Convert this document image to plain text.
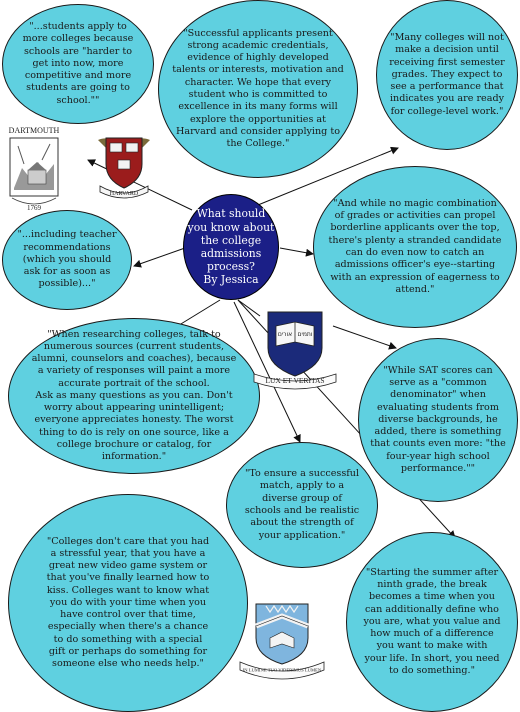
"...students apply to
more colleges because
schools are "harder to
get into now, more
competitive and more
students are going to
school.""
"Successful applicants present
strong academic credentials,
evidence of highly developed
talents or interests, motivation and
character. We hope that every
student who is committed to
excellence in its many forms will
explore the opportunities at
Harvard and consider applying to
the College."
"Many colleges will not
make a decision until
receiving first semester
grades. They expect to
see a performance that
indicates you are ready
for college-level work."
"...including teacher
recommendations
(which you should
ask for as soon as
possible)..."
What should
you know about
the college
admissions
process?
By Jessica
"And while no magic combination
of grades or activities can propel
borderline applicants over the top,
there's plenty a stranded candidate
can do even now to catch an
admissions officer's eye--starting
with an expression of eagerness to
attend."
"When researching colleges, talk to
numerous sources (current students,
alumni, counselors and coaches), because
a variety of responses will paint a more
accurate portrait of the school.
Ask as many questions as you can. Don't
worry about appearing unintelligent;
everyone appreciates honesty. The worst
thing to do is rely on one source, like a
college brochure or catalog, for
information."
"While SAT scores can
serve as a "common
denominator" when
evaluating students from
diverse backgrounds, he
added, there is something
that counts even more: "the
four-year high school
performance.""
"To ensure a successful
match, apply to a
diverse group of
schools and be realistic
about the strength of
your application."
"Colleges don't care that you had
a stressful year, that you have a
great new video game system or
that you've finally learned how to
kiss. Colleges want to know what
you do with your time when you
have control over that time,
especially when there's a chance
to do something with a special
gift or perhaps do something for
someone else who needs help."
"Starting the summer after
ninth grade, the break
becomes a time when you
can additionally define who
you are, what you value and
how much of a difference
you want to make with
your life. In short, you need
to do something."
DARTMOUTH
1769
HARVARD
אורים ותמים
LUX ET VERITAS
IN LUMINE TUO VIDEBIMUS LUMEN
